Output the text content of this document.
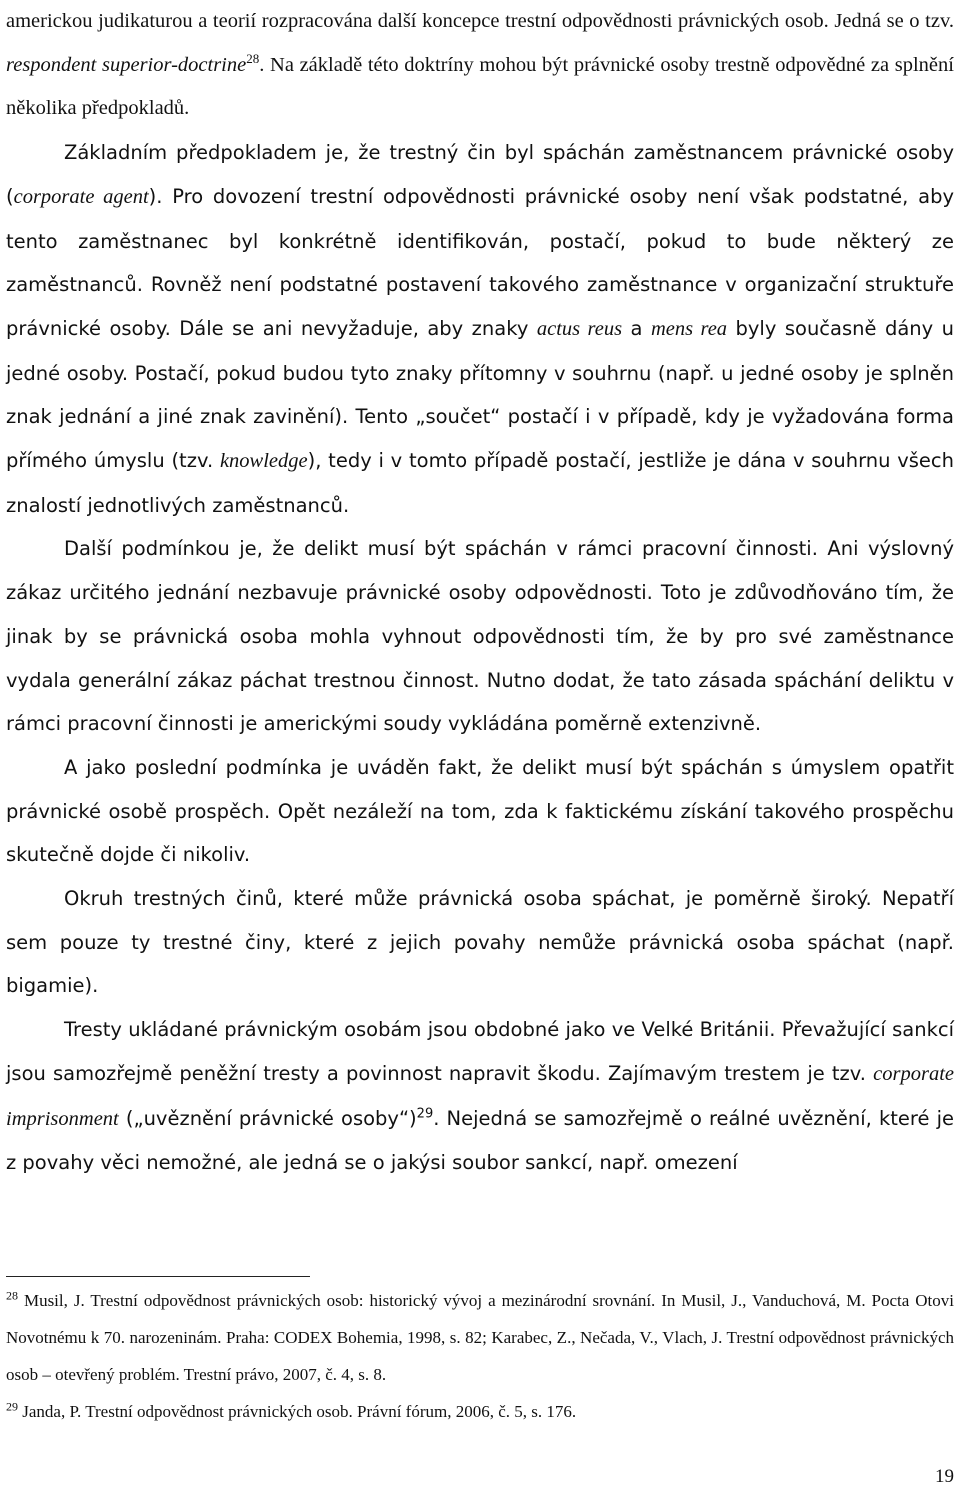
americkou judikaturou a teorií rozpracována další koncepce trestní odpovědnosti právnických osob. Jedná se o tzv. respondent superior-doctrine$^{28}$. Na základě této doktríny mohou být právnické osoby trestně odpovědné za splnění několika předpokladů.

Základním předpokladem je, že trestný čin byl spáchán zaměstnancem právnické osoby (corporate agent). Pro dovození trestní odpovědnosti právnické osoby není však podstatné, aby tento zaměstnanec byl konkrétně identifikován, postačí, pokud to bude některý ze zaměstnanců. Rovněž není podstatné postavení takového zaměstnance v organizační struktuře právnické osoby. Dále se ani nevyžaduje, aby znaky actus reus a mens rea byly současně dány u jedné osoby. Postačí, pokud budou tyto znaky přítomny v souhrnu (např. u jedné osoby je splněn znak jednání a jiné znak zavinění). Tento „součet“ postačí i v případě, kdy je vyžadována forma přímého úmyslu (tzv. knowledge), tedy i v tomto případě postačí, jestliže je dána v souhrnu všech znalostí jednotlivých zaměstnanců.

Další podmínkou je, že delikt musí být spáchán v rámci pracovní činnosti. Ani výslovný zákaz určitého jednání nezbavuje právnické osoby odpovědnosti. Toto je zdůvodňováno tím, že jinak by se právnická osoba mohla vyhnout odpovědnosti tím, že by pro své zaměstnance vydala generální zákaz páchat trestnou činnost. Nutno dodat, že tato zásada spáchání deliktu v rámci pracovní činnosti je americkými soudy vykládána poměrně extenzivně.

A jako poslední podmínka je uváděn fakt, že delikt musí být spáchán s úmyslem opatřit právnické osobě prospěch. Opět nezáleží na tom, zda k faktickému získání takového prospěchu skutečně dojde či nikoliv.

Okruh trestných činů, které může právnická osoba spáchat, je poměrně široký. Nepatří sem pouze ty trestné činy, které z jejich povahy nemůže právnická osoba spáchat (např. bigamie).

Tresty ukládané právnickým osobám jsou obdobné jako ve Velké Británii. Převažující sankcí jsou samozřejmě peněžní tresty a povinnost napravit škodu. Zajímavým trestem je tzv. corporate imprisonment („uvěznění právnické osoby“)$^{29}$. Nejedná se samozřejmě o reálné uvěznění, které je z povahy věci nemožné, ale jedná se o jakýsi soubor sankcí, např. omezení

$^{28}$ Musil, J. Trestní odpovědnost právnických osob: historický vývoj a mezinárodní srovnání. In Musil, J., Vanduchová, M. Pocta Otovi Novotnému k 70. narozeninám. Praha: CODEX Bohemia, 1998, s. 82; Karabec, Z., Nečada, V., Vlach, J. Trestní odpovědnost právnických osob – otevřený problém. Trestní právo, 2007, č. 4, s. 8.

$^{29}$ Janda, P. Trestní odpovědnost právnických osob. Právní fórum, 2006, č. 5, s. 176.

19
